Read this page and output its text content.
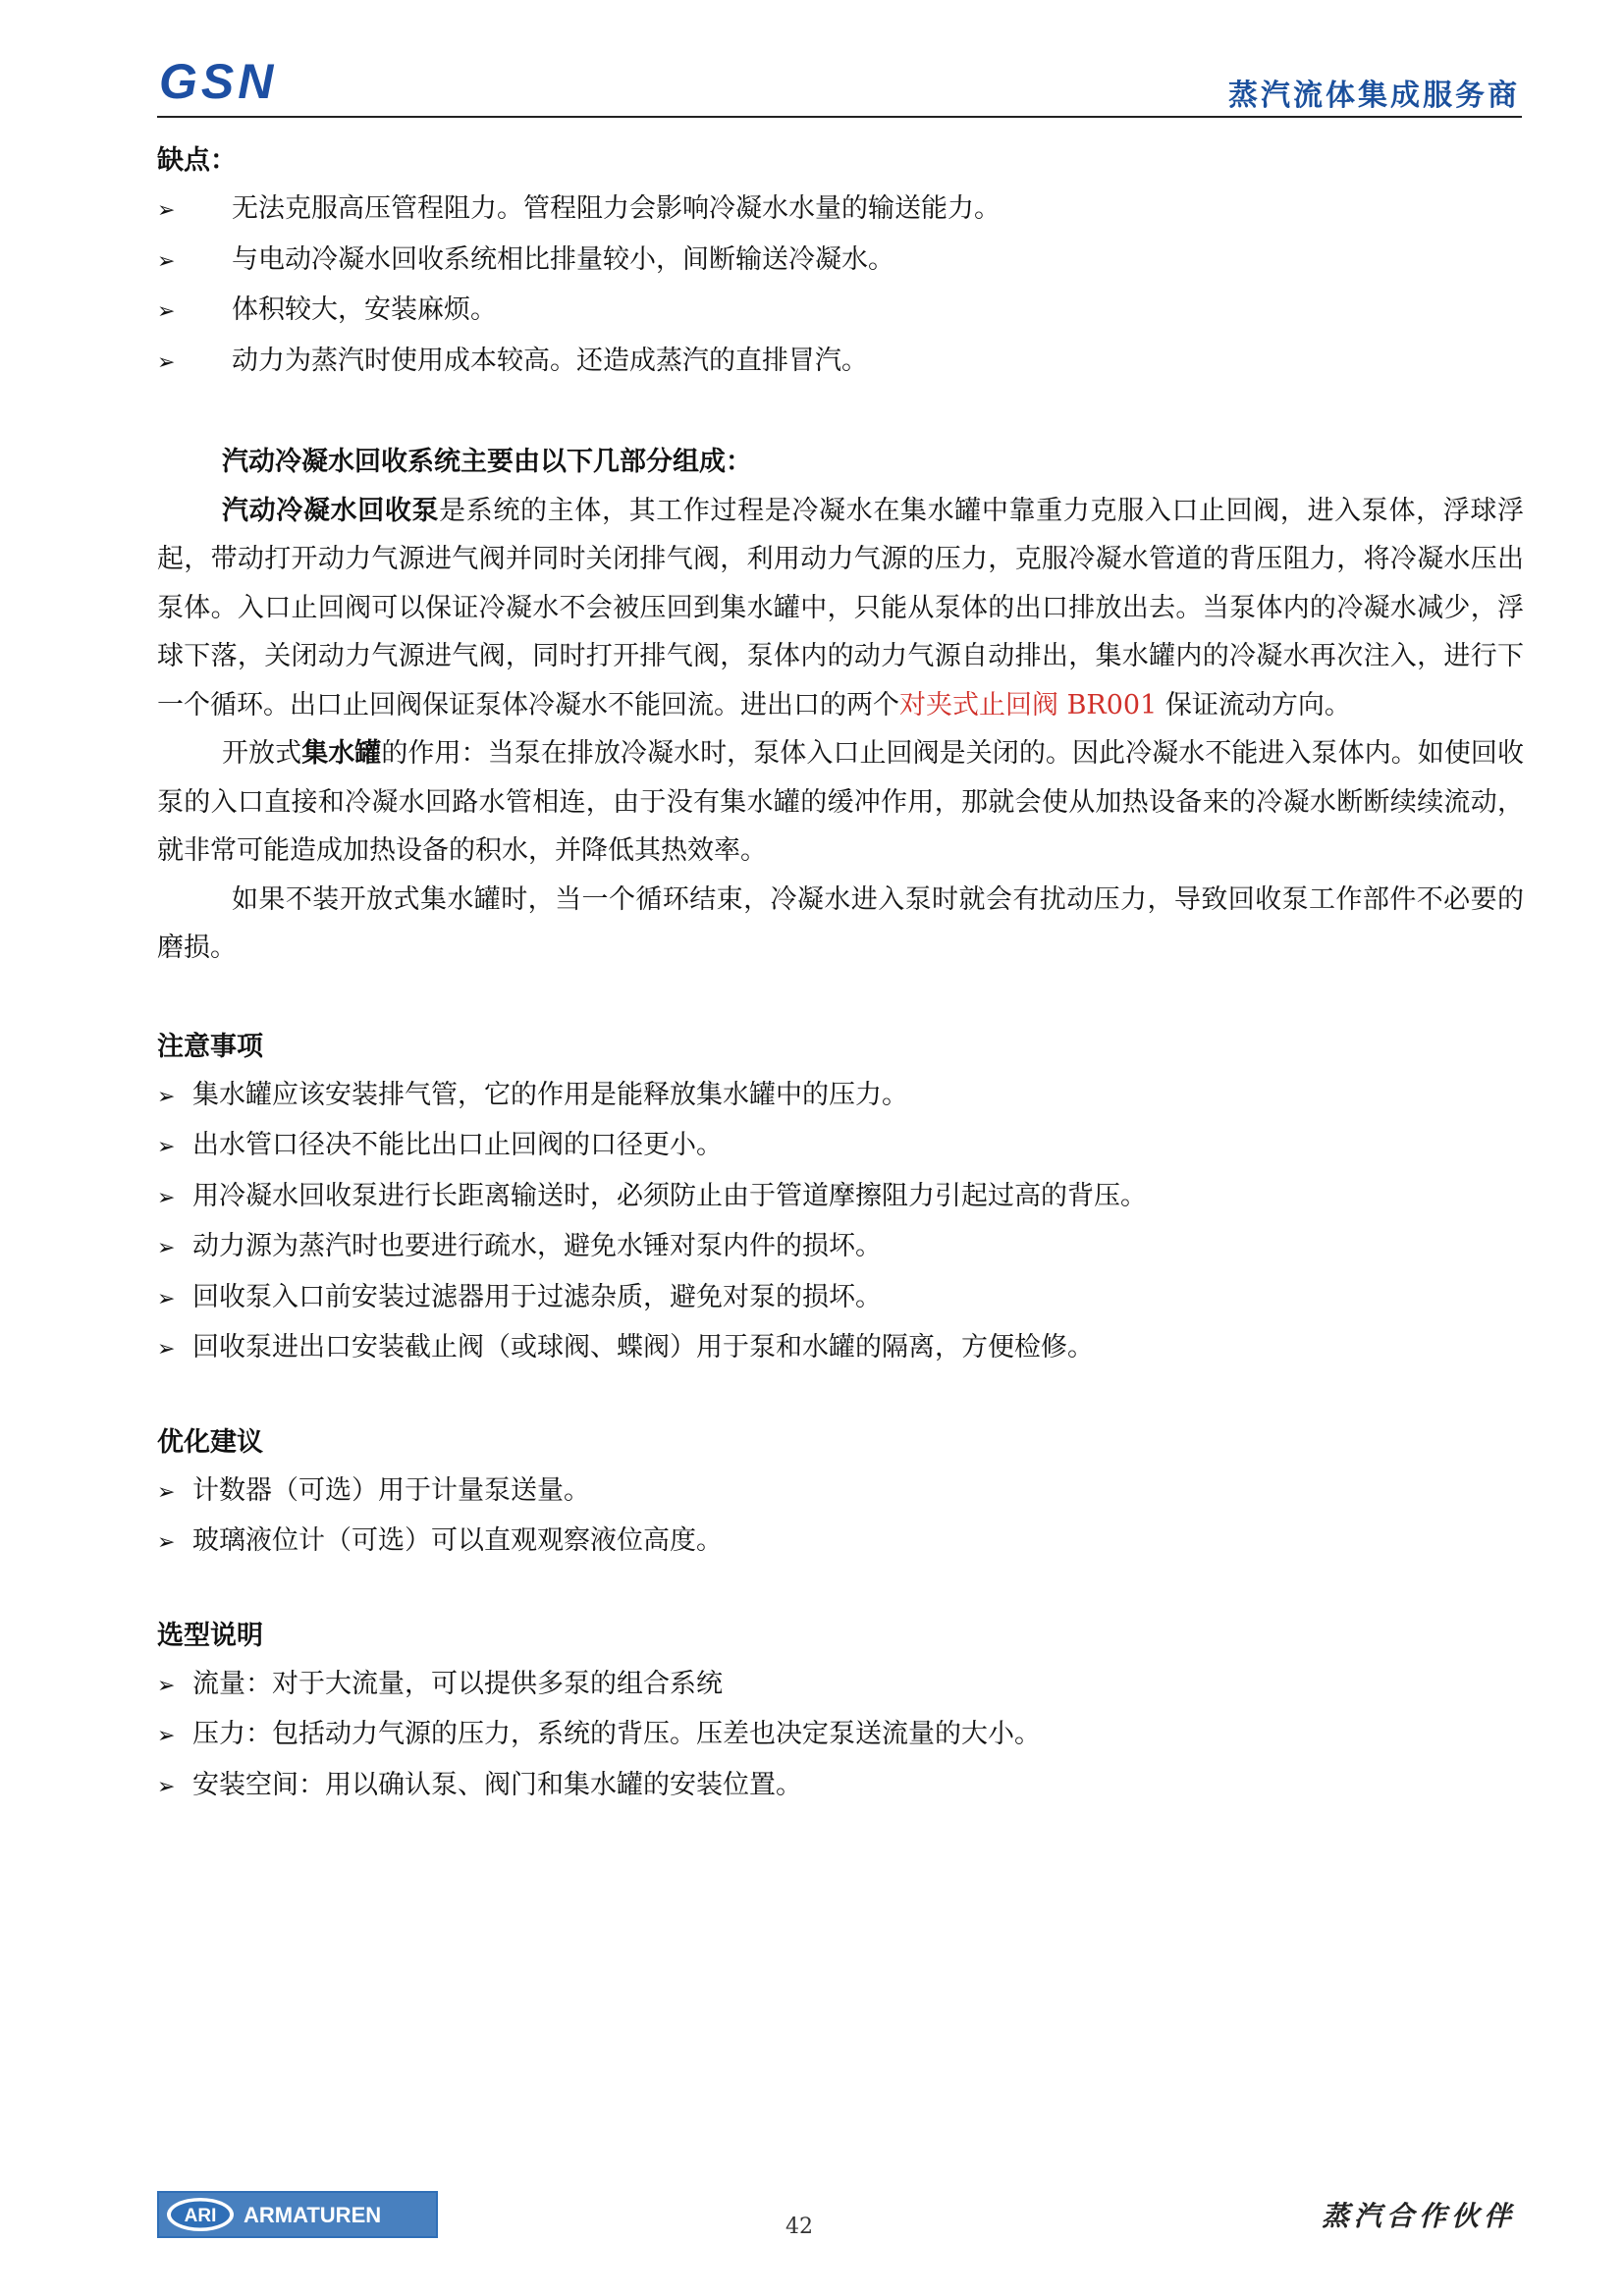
GSN	蒸汽流体集成服务商
缺点：
➢ 无法克服高压管程阻力。管程阻力会影响冷凝水水量的输送能力。
➢ 与电动冷凝水回收系统相比排量较小，间断输送冷凝水。
➢ 体积较大，安装麻烦。
➢ 动力为蒸汽时使用成本较高。还造成蒸汽的直排冒汽。

汽动冷凝水回收系统主要由以下几部分组成：

汽动冷凝水回收泵是系统的主体，其工作过程是冷凝水在集水罐中靠重力克服入口止回阀，进入泵体，浮球浮起，带动打开动力气源进气阀并同时关闭排气阀，利用动力气源的压力，克服冷凝水管道的背压阻力，将冷凝水压出泵体。入口止回阀可以保证冷凝水不会被压回到集水罐中，只能从泵体的出口排放出去。当泵体内的冷凝水减少，浮球下落，关闭动力气源进气阀，同时打开排气阀，泵体内的动力气源自动排出，集水罐内的冷凝水再次注入，进行下一个循环。出口止回阀保证泵体冷凝水不能回流。进出口的两个对夹式止回阀 BR001 保证流动方向。

开放式集水罐的作用：当泵在排放冷凝水时，泵体入口止回阀是关闭的。因此冷凝水不能进入泵体内。如使回收泵的入口直接和冷凝水回路水管相连，由于没有集水罐的缓冲作用，那就会使从加热设备来的冷凝水断断续续流动，就非常可能造成加热设备的积水，并降低其热效率。

如果不装开放式集水罐时，当一个循环结束，冷凝水进入泵时就会有扰动压力，导致回收泵工作部件不必要的磨损。

注意事项
➢ 集水罐应该安装排气管，它的作用是能释放集水罐中的压力。
➢ 出水管口径决不能比出口止回阀的口径更小。
➢ 用冷凝水回收泵进行长距离输送时，必须防止由于管道摩擦阻力引起过高的背压。
➢ 动力源为蒸汽时也要进行疏水，避免水锤对泵内件的损坏。
➢ 回收泵入口前安装过滤器用于过滤杂质，避免对泵的损坏。
➢ 回收泵进出口安装截止阀（或球阀、蝶阀）用于泵和水罐的隔离，方便检修。
优化建议
➢ 计数器（可选）用于计量泵送量。
➢ 玻璃液位计（可选）可以直观观察液位高度。
选型说明
➢ 流量：对于大流量，可以提供多泵的组合系统
➢ 压力：包括动力气源的压力，系统的背压。压差也决定泵送流量的大小。
➢ 安装空间：用以确认泵、阀门和集水罐的安装位置。
ARI ARMATUREN	42	蒸汽合作伙伴
